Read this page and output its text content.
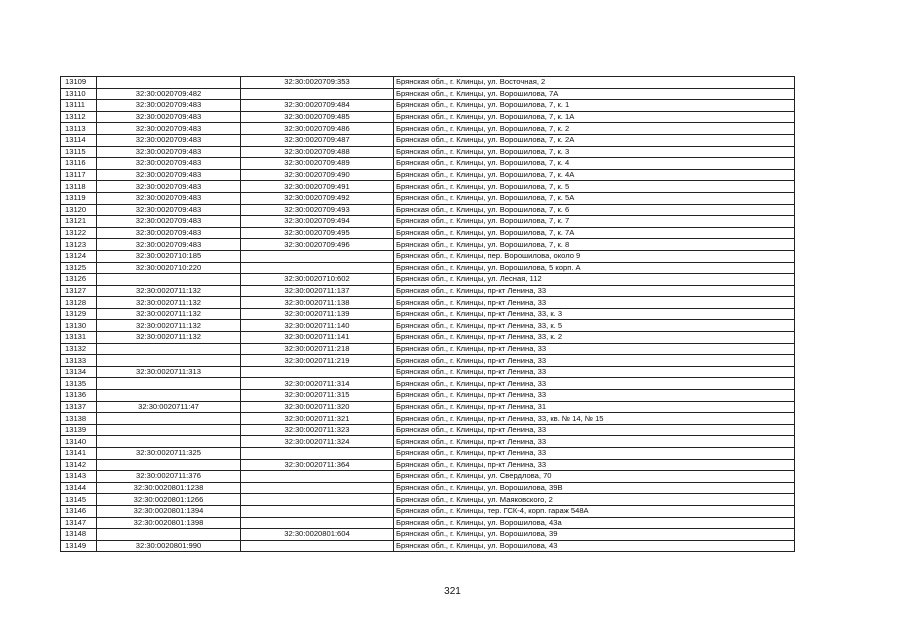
13109		32:30:0020709:353	Брянская обл., г. Клинцы, ул. Восточная, 2
13110	32:30:0020709:482		Брянская обл., г. Клинцы, ул. Ворошилова, 7А
13111	32:30:0020709:483	32:30:0020709:484	Брянская обл., г. Клинцы, ул. Ворошилова, 7, к. 1
13112	32:30:0020709:483	32:30:0020709:485	Брянская обл., г. Клинцы, ул. Ворошилова, 7, к. 1А
13113	32:30:0020709:483	32:30:0020709:486	Брянская обл., г. Клинцы, ул. Ворошилова, 7, к. 2
13114	32:30:0020709:483	32:30:0020709:487	Брянская обл., г. Клинцы, ул. Ворошилова, 7, к. 2А
13115	32:30:0020709:483	32:30:0020709:488	Брянская обл., г. Клинцы, ул. Ворошилова, 7, к. 3
13116	32:30:0020709:483	32:30:0020709:489	Брянская обл., г. Клинцы, ул. Ворошилова, 7, к. 4
13117	32:30:0020709:483	32:30:0020709:490	Брянская обл., г. Клинцы, ул. Ворошилова, 7, к. 4А
13118	32:30:0020709:483	32:30:0020709:491	Брянская обл., г. Клинцы, ул. Ворошилова, 7, к. 5
13119	32:30:0020709:483	32:30:0020709:492	Брянская обл., г. Клинцы, ул. Ворошилова, 7, к. 5А
13120	32:30:0020709:483	32:30:0020709:493	Брянская обл., г. Клинцы, ул. Ворошилова, 7, к. 6
13121	32:30:0020709:483	32:30:0020709:494	Брянская обл., г. Клинцы, ул. Ворошилова, 7, к. 7
13122	32:30:0020709:483	32:30:0020709:495	Брянская обл., г. Клинцы, ул. Ворошилова, 7, к. 7А
13123	32:30:0020709:483	32:30:0020709:496	Брянская обл., г. Клинцы, ул. Ворошилова, 7, к. 8
13124	32:30:0020710:185		Брянская обл., г. Клинцы, пер. Ворошилова, около 9
13125	32:30:0020710:220		Брянская обл., г. Клинцы, ул. Ворошилова, 5 корп. А
13126		32:30:0020710:602	Брянская обл., г. Клинцы, ул. Лесная, 112
13127	32:30:0020711:132	32:30:0020711:137	Брянская обл., г. Клинцы, пр-кт Ленина, 33
13128	32:30:0020711:132	32:30:0020711:138	Брянская обл., г. Клинцы, пр-кт Ленина, 33
13129	32:30:0020711:132	32:30:0020711:139	Брянская обл., г. Клинцы, пр-кт Ленина, 33, к. 3
13130	32:30:0020711:132	32:30:0020711:140	Брянская обл., г. Клинцы, пр-кт Ленина, 33, к. 5
13131	32:30:0020711:132	32:30:0020711:141	Брянская обл., г. Клинцы, пр-кт Ленина, 33, к. 2
13132		32:30:0020711:218	Брянская обл., г. Клинцы, пр-кт Ленина, 33
13133		32:30:0020711:219	Брянская обл., г. Клинцы, пр-кт Ленина, 33
13134	32:30:0020711:313		Брянская обл., г. Клинцы, пр-кт Ленина, 33
13135		32:30:0020711:314	Брянская обл., г. Клинцы, пр-кт Ленина, 33
13136		32:30:0020711:315	Брянская обл., г. Клинцы, пр-кт Ленина, 33
13137	32:30:0020711:47	32:30:0020711:320	Брянская обл., г. Клинцы, пр-кт Ленина, 31
13138		32:30:0020711:321	Брянская обл., г. Клинцы, пр-кт Ленина, 33, кв. № 14, № 15
13139		32:30:0020711:323	Брянская обл., г. Клинцы, пр-кт Ленина, 33
13140		32:30:0020711:324	Брянская обл., г. Клинцы, пр-кт Ленина, 33
13141	32:30:0020711:325		Брянская обл., г. Клинцы, пр-кт Ленина, 33
13142		32:30:0020711:364	Брянская обл., г. Клинцы, пр-кт Ленина, 33
13143	32:30:0020711:376		Брянская обл., г. Клинцы, ул. Свердлова, 70
13144	32:30:0020801:1238		Брянская обл., г. Клинцы, ул. Ворошилова, 39В
13145	32:30:0020801:1266		Брянская обл., г. Клинцы, ул. Маяковского, 2
13146	32:30:0020801:1394		Брянская обл., г. Клинцы, тер. ГСК-4, корп. гараж 548А
13147	32:30:0020801:1398		Брянская обл., г. Клинцы, ул. Ворошилова, 43а
13148		32:30:0020801:604	Брянская обл., г. Клинцы, ул. Ворошилова, 39
13149	32:30:0020801:990		Брянская обл., г. Клинцы, ул. Ворошилова, 43
321
